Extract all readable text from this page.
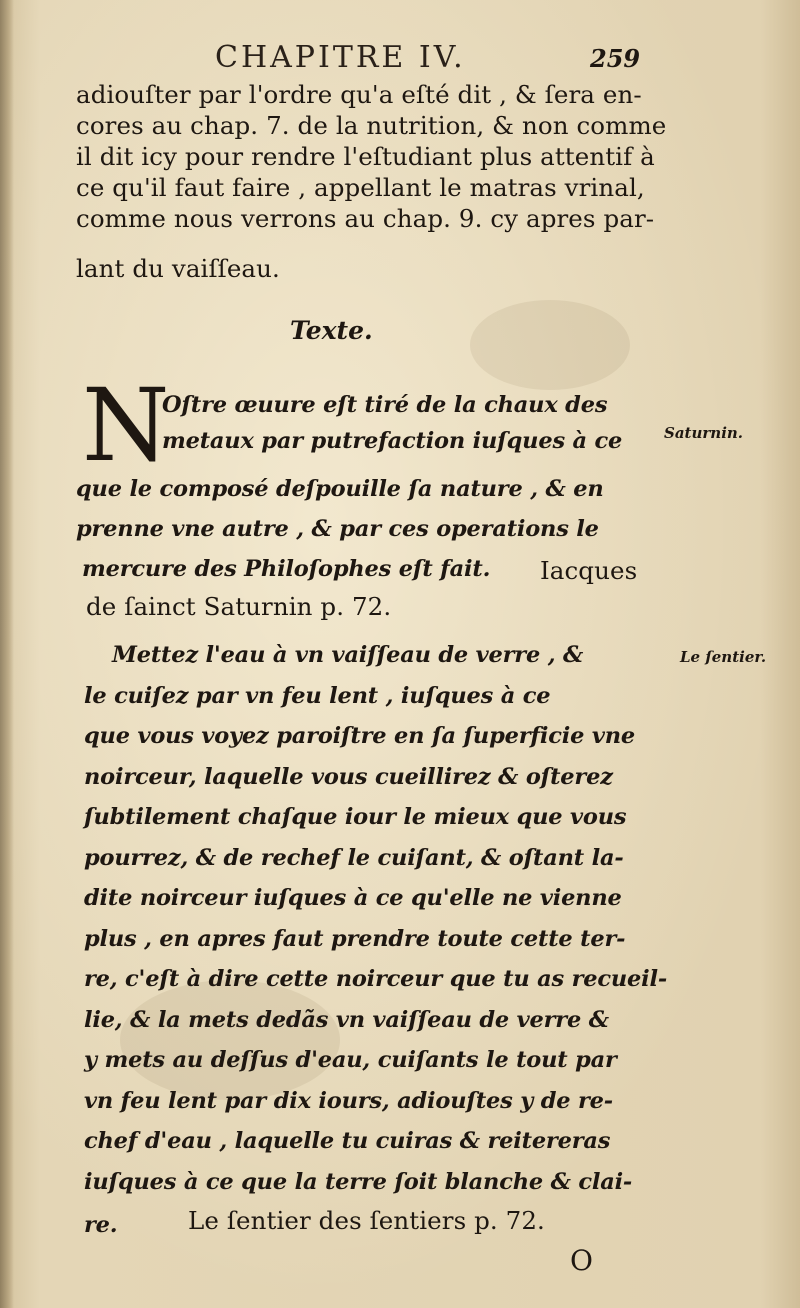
CHAPITRE IV.	259
adiouſter par l'ordre qu'a eſté dit , & ſera en-
cores au chap. 7. de la nutrition, & non comme
il dit icy pour rendre l'eſtudiant plus attentif à
ce qu'il faut faire , appellant le matras vrinal,
comme nous verrons au chap. 9. cy apres par-
lant du vaiſſeau.
Texte.
N
Oſtre œuure eſt tiré de la chaux des
metaux par putrefaction iuſques à ce
que le composé deſpouille ſa nature , & en
prenne vne autre , & par ces operations le
mercure des Philoſophes eſt fait. Iacques
de ſainct Saturnin p. 72.
Mettez l'eau à vn vaiſſeau de verre , &
le cuiſez par vn feu lent , iuſques à ce
que vous voyez paroiſtre en ſa ſuperficie vne
noirceur, laquelle vous cueillirez & oſterez
ſubtilement chaſque iour le mieux que vous
pourrez, & de rechef le cuiſant, & oſtant la-
dite noirceur iuſques à ce qu'elle ne vienne
plus , en apres faut prendre toute cette ter-
re, c'eſt à dire cette noirceur que tu as recueil-
lie, & la mets dedãs vn vaiſſeau de verre &
y mets au deſſus d'eau, cuiſants le tout par
vn feu lent par dix iours, adiouſtes y de re-
chef d'eau , laquelle tu cuiras & reitereras
iuſques à ce que la terre ſoit blanche & clai-
re.	Le ſentier des ſentiers p. 72.
Saturnin.
Le ſentier.
O
